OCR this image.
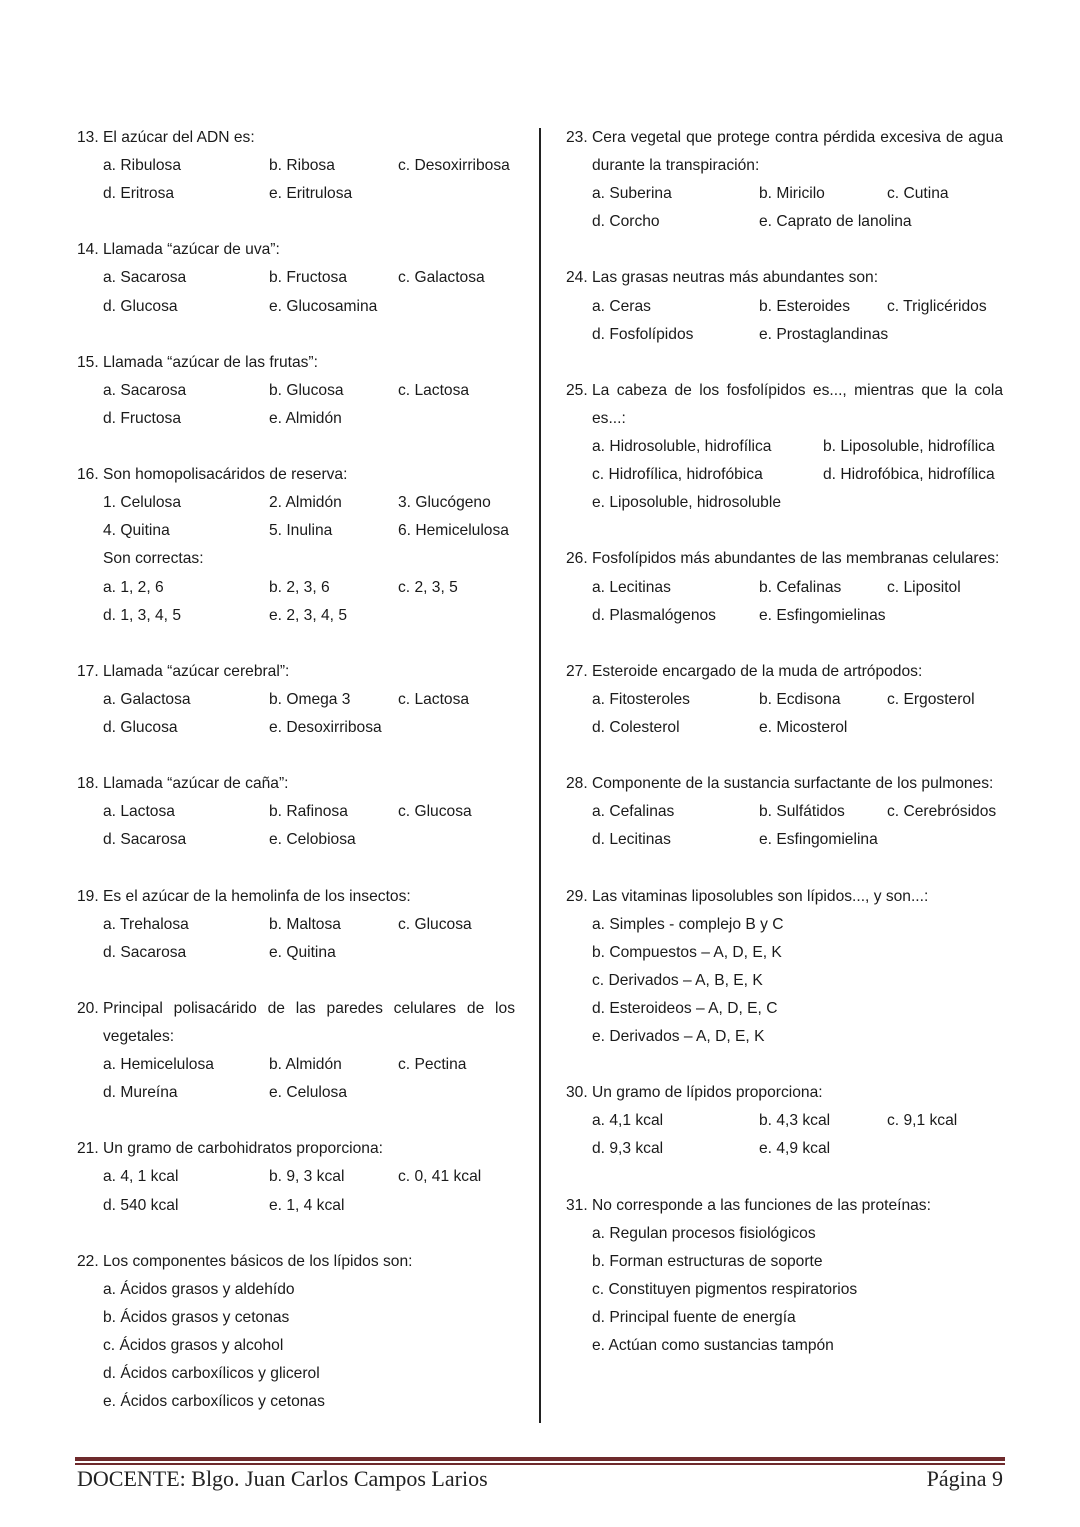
13. El azúcar del ADN es:
a. Ribulosa	b. Ribosa	c. Desoxirribosa
d. Eritrosa	e. Eritrulosa
14. Llamada “azúcar de uva”:
a. Sacarosa	b. Fructosa	c. Galactosa
d. Glucosa	e. Glucosamina
15. Llamada “azúcar de las frutas”:
a. Sacarosa	b. Glucosa	c. Lactosa
d. Fructosa	e. Almidón
16. Son homopolisacáridos de reserva:
1. Celulosa	2. Almidón	3. Glucógeno
4. Quitina	5. Inulina	6. Hemicelulosa
Son correctas:
a. 1, 2, 6	b. 2, 3, 6	c. 2, 3, 5
d. 1, 3, 4, 5	e. 2, 3, 4, 5
17. Llamada “azúcar cerebral”:
a. Galactosa	b. Omega 3	c. Lactosa
d. Glucosa	e. Desoxirribosa
18. Llamada “azúcar de caña”:
a. Lactosa	b. Rafinosa	c. Glucosa
d. Sacarosa	e. Celobiosa
19. Es el azúcar de la hemolinfa de los insectos:
a. Trehalosa	b. Maltosa	c. Glucosa
d. Sacarosa	e. Quitina
20. Principal polisacárido de las paredes celulares de los vegetales:
a. Hemicelulosa	b. Almidón	c. Pectina
d. Mureína	e. Celulosa
21. Un gramo de carbohidratos proporciona:
a. 4, 1 kcal	b. 9, 3 kcal	c. 0, 41 kcal
d. 540 kcal	e. 1, 4 kcal
22. Los componentes básicos de los lípidos son:
a. Ácidos grasos y aldehído
b. Ácidos grasos y cetonas
c. Ácidos grasos y alcohol
d. Ácidos carboxílicos y glicerol
e. Ácidos carboxílicos y cetonas
23. Cera vegetal que protege contra pérdida excesiva de agua durante la transpiración:
a. Suberina	b. Miricilo	c. Cutina
d. Corcho	e. Caprato de lanolina
24. Las grasas neutras más abundantes son:
a. Ceras	b. Esteroides c. Triglicéridos
d. Fosfolípidos	e. Prostaglandinas
25. La cabeza de los fosfolípidos es..., mientras que la cola es...:
a. Hidrosoluble, hidrofílica	b. Liposoluble, hidrofílica
c. Hidrofílica, hidrofóbica	d. Hidrofóbica, hidrofílica
e. Liposoluble, hidrosoluble
26. Fosfolípidos más abundantes de las membranas celulares:
a. Lecitinas	b. Cefalinas	c. Lipositol
d. Plasmalógenos	e. Esfingomielinas
27. Esteroide encargado de la muda de artrópodos:
a. Fitosteroles	b. Ecdisona	c. Ergosterol
d. Colesterol	e. Micosterol
28. Componente de la sustancia surfactante de los pulmones:
a. Cefalinas	b. Sulfátidos	c. Cerebrósidos
d. Lecitinas	e. Esfingomielina
29. Las vitaminas liposolubles son lípidos..., y son...:
a. Simples - complejo B y C
b. Compuestos – A, D, E, K
c. Derivados – A, B, E, K
d. Esteroideos – A, D, E, C
e. Derivados – A, D, E, K
30. Un gramo de lípidos proporciona:
a. 4,1 kcal	b. 4,3 kcal	c. 9,1 kcal
d. 9,3 kcal	e. 4,9 kcal
31. No corresponde a las funciones de las proteínas:
a. Regulan procesos fisiológicos
b. Forman estructuras de soporte
c. Constituyen pigmentos respiratorios
d. Principal fuente de energía
e. Actúan como sustancias tampón
DOCENTE: Blgo. Juan Carlos Campos Larios	Página 9
